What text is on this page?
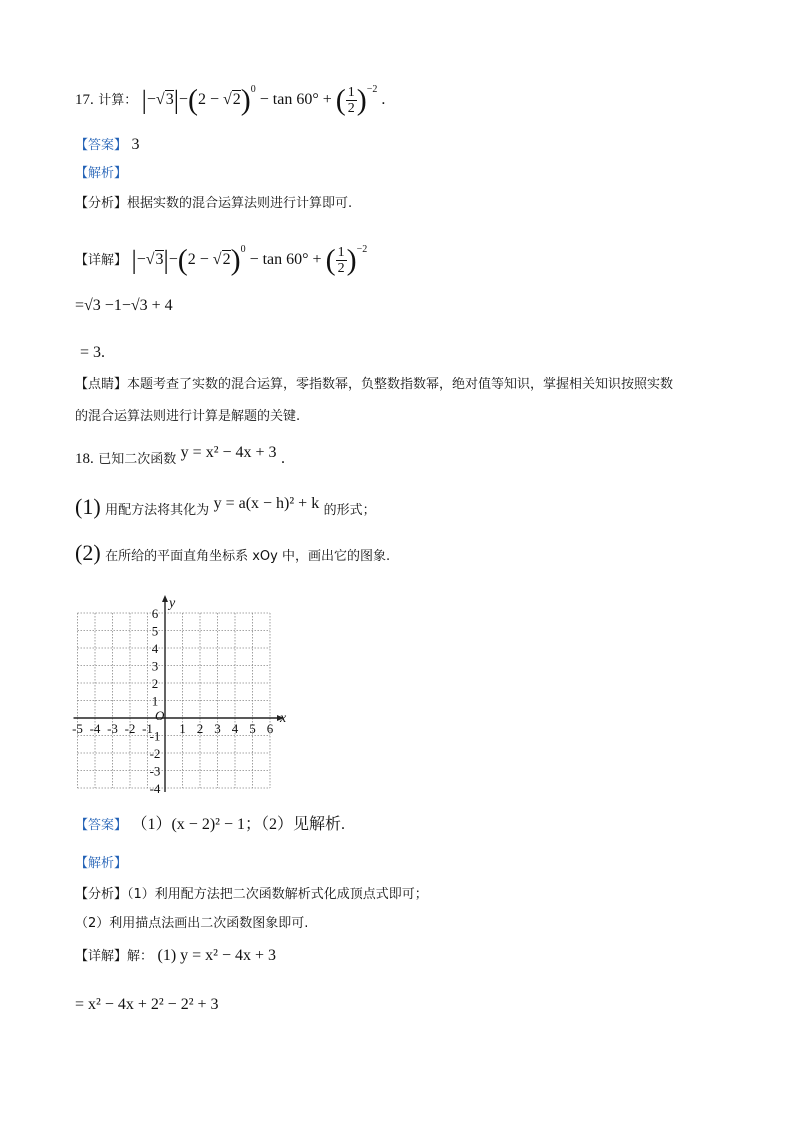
17. 计算： $|-√3|-(2 - √2)^0 - \tan 60^\circ$ + ( $\frac{1}{2} )^{-2}$ .
【答案】 3
【解析】
【分析】根据实数的混合运算法则进行计算即可.
【详解】 $|-√3|-(2 - √2)^0 - \tan 60^\circ$ + ( $\frac{1}{2} )^{-2}$
=√3 −1−√3 + 4
= 3.
【点睛】本题考查了实数的混合运算，零指数幂，负整数指数幂，绝对值等知识，掌握相关知识按照实数
的混合运算法则进行计算是解题的关键.
18. 已知二次函数 y = x² − 4x + 3 .
(1) 用配方法将其化为 y = a(x − h)² + k 的形式；
(2) 在所给的平面直角坐标系 xOy 中，画出它的图象.
x
y
O
-5 -4 -3 -2 -1 1 2 3 4 5 6
6
5
4
3
2
1
-1
-2
-3
-4
【答案】 （1）(x − 2)² − 1；（2）见解析.
【解析】
【分析】（1）利用配方法把二次函数解析式化成顶点式即可；
（2）利用描点法画出二次函数图象即可.
【详解】解： (1) y = x² − 4x + 3
= x² − 4x + 2² − 2² + 3
